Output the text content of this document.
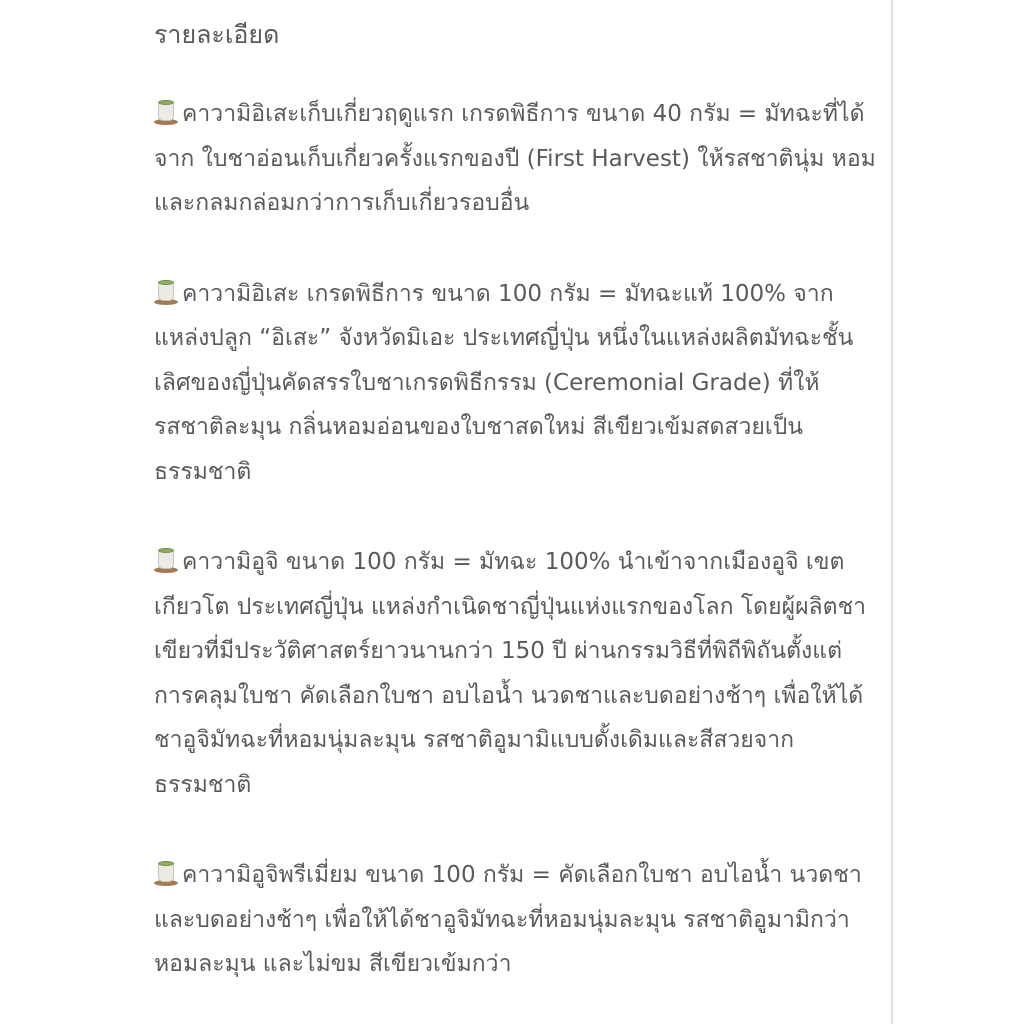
รายละเอียด
คาวามิอิเสะเก็บเกี่ยวฤดูแรก เกรดพิธีการ ขนาด 40 กรัม = มัทฉะที่ได้จาก ใบชาอ่อนเก็บเกี่ยวครั้งแรกของปี (First Harvest) ให้รสชาตินุ่ม หอม และกลมกล่อมกว่าการเก็บเกี่ยวรอบอื่น
คาวามิอิเสะ เกรดพิธีการ ขนาด 100 กรัม = มัทฉะแท้ 100% จากแหล่งปลูก “อิเสะ” จังหวัดมิเอะ ประเทศญี่ปุ่น หนึ่งในแหล่งผลิตมัทฉะชั้นเลิศของญี่ปุ่นคัดสรรใบชาเกรดพิธีกรรม (Ceremonial Grade) ที่ให้รสชาติละมุน กลิ่นหอมอ่อนของใบชาสดใหม่ สีเขียวเข้มสดสวยเป็นธรรมชาติ
คาวามิอูจิ ขนาด 100 กรัม = มัทฉะ 100% นำเข้าจากเมืองอูจิ เขตเกียวโต ประเทศญี่ปุ่น แหล่งกำเนิดชาญี่ปุ่นแห่งแรกของโลก โดยผู้ผลิตชาเขียวที่มีประวัติศาสตร์ยาวนานกว่า 150 ปี ผ่านกรรมวิธีที่พิถีพิถันตั้งแต่การคลุมใบชา คัดเลือกใบชา อบไอน้ำ นวดชาและบดอย่างช้าๆ เพื่อให้ได้ชาอูจิมัทฉะที่หอมนุ่มละมุน รสชาติอูมามิแบบดั้งเดิมและสีสวยจากธรรมชาติ
คาวามิอูจิพรีเมี่ยม ขนาด 100 กรัม = คัดเลือกใบชา อบไอน้ำ นวดชา และบดอย่างช้าๆ เพื่อให้ได้ชาอูจิมัทฉะที่หอมนุ่มละมุน รสชาติอูมามิกว่า หอมละมุน และไม่ขม สีเขียวเข้มกว่า
